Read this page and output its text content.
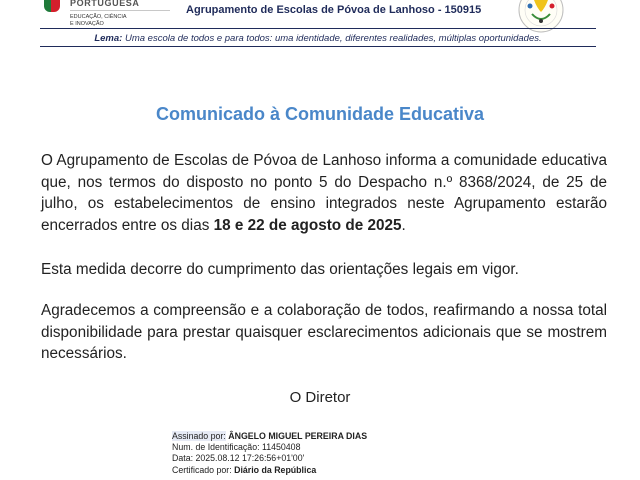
PORTUGUESA
EDUCAÇÃO, CIÊNCIA
E INOVAÇÃO
Agrupamento de Escolas de Póvoa de Lanhoso - 150915
Lema: Uma escola de todos e para todos: uma identidade, diferentes realidades, múltiplas oportunidades.
Comunicado à Comunidade Educativa
O Agrupamento de Escolas de Póvoa de Lanhoso informa a comunidade educativa que, nos termos do disposto no ponto 5 do Despacho n.º 8368/2024, de 25 de julho, os estabelecimentos de ensino integrados neste Agrupamento estarão encerrados entre os dias 18 e 22 de agosto de 2025.
Esta medida decorre do cumprimento das orientações legais em vigor.
Agradecemos a compreensão e a colaboração de todos, reafirmando a nossa total disponibilidade para prestar quaisquer esclarecimentos adicionais que se mostrem necessários.
O Diretor
Assinado por: ÂNGELO MIGUEL PEREIRA DIAS
Num. de Identificação: 11450408
Data: 2025.08.12 17:26:56+01'00'
Certificado por: Diário da República
